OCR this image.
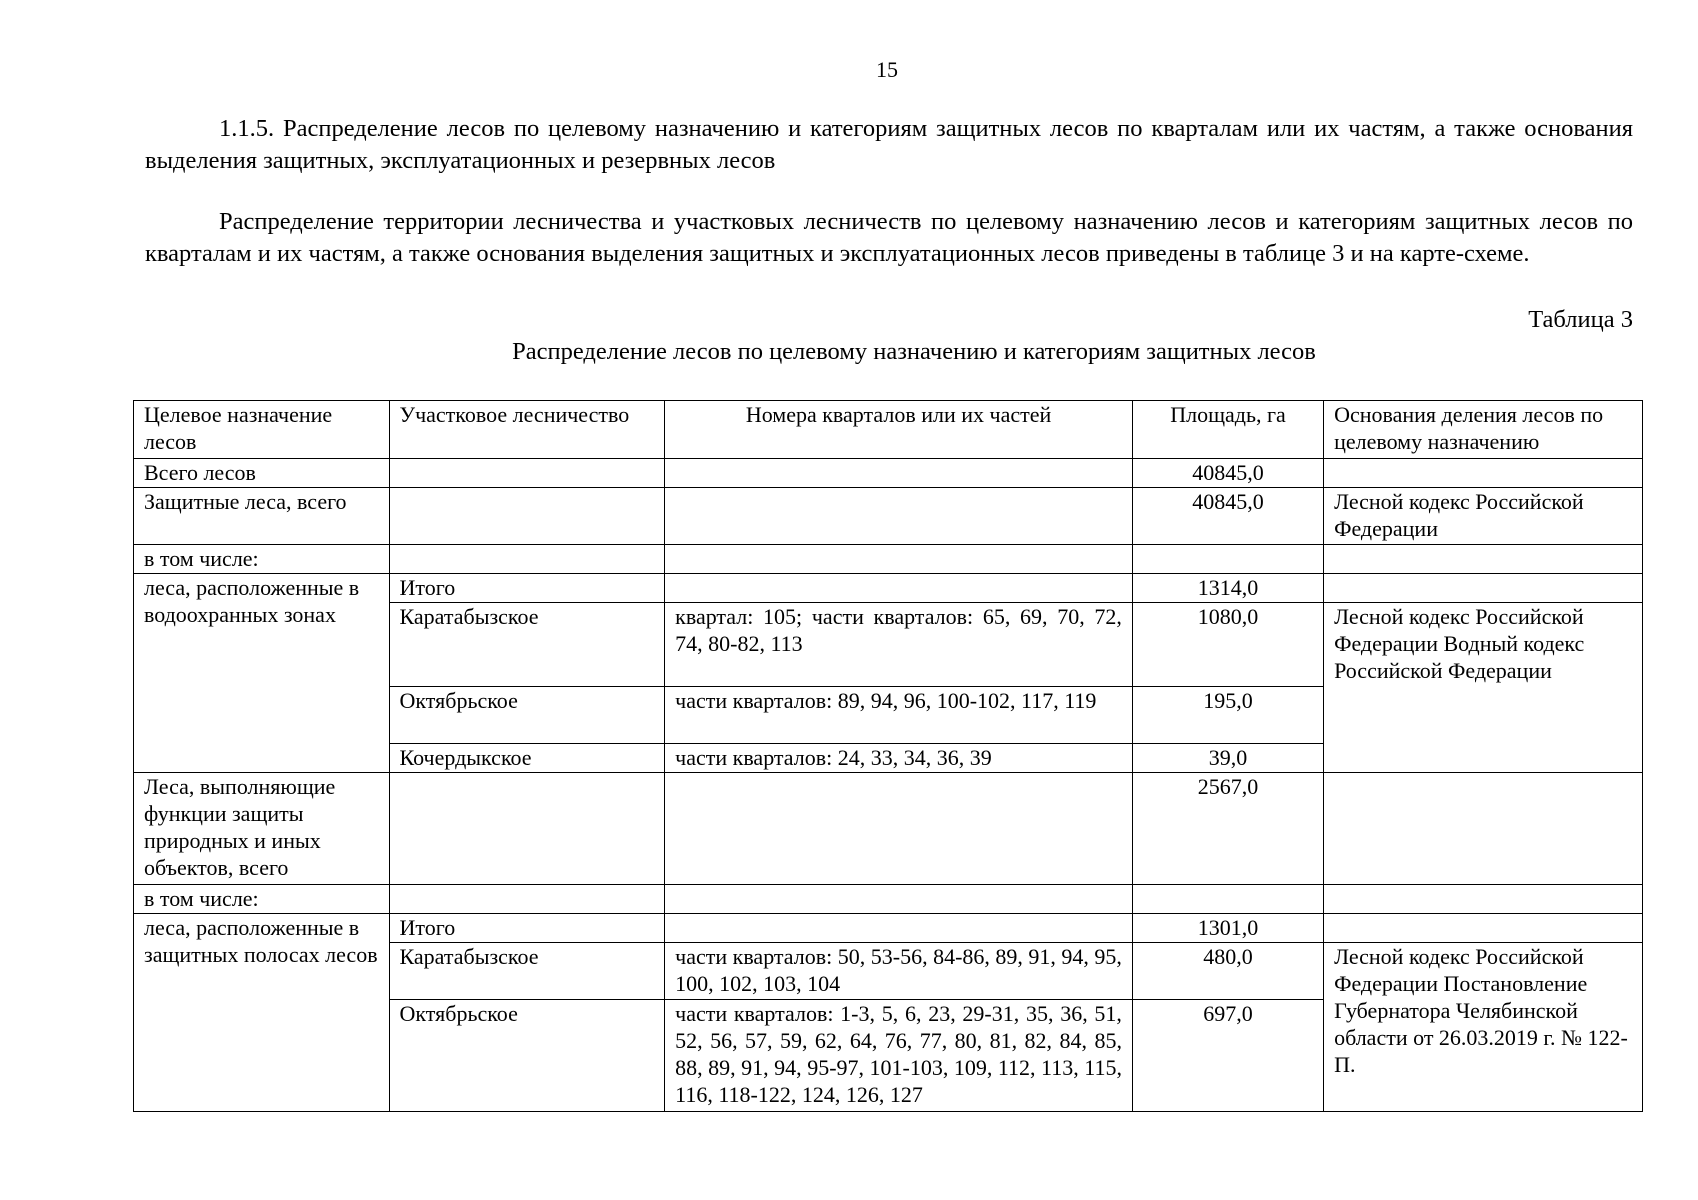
15
1.1.5. Распределение лесов по целевому назначению и категориям защитных лесов по кварталам или их частям, а также основания выделения защитных, эксплуатационных и резервных лесов
Распределение территории лесничества и участковых лесничеств по целевому назначению лесов и категориям защитных лесов по кварталам и их частям, а также основания выделения защитных и эксплуатационных лесов приведены в таблице 3 и на карте-схеме.
Таблица 3
Распределение лесов по целевому назначению и категориям защитных лесов
Целевое назначение лесов	Участковое лесничество	Номера кварталов или их частей	Площадь, га	Основания деления лесов по целевому назначению
Всего лесов			40845,0	
Защитные леса, всего			40845,0	Лесной кодекс Российской Федерации
в том числе:				
леса, расположенные в водоохранных зонах	Итого		1314,0	
	Каратабызское	квартал: 105; части кварталов: 65, 69, 70, 72, 74, 80-82, 113	1080,0	Лесной кодекс Российской Федерации Водный кодекс Российской Федерации
	Октябрьское	части кварталов: 89, 94, 96, 100-102, 117, 119	195,0	
	Кочердыкское	части кварталов: 24, 33, 34, 36, 39	39,0	
Леса, выполняющие функции защиты природных и иных объектов, всего			2567,0	
в том числе:				
леса, расположенные в защитных полосах лесов	Итого		1301,0	
	Каратабызское	части кварталов: 50, 53-56, 84-86, 89, 91, 94, 95, 100, 102, 103, 104	480,0	Лесной кодекс Российской Федерации Постановление Губернатора Челябинской области от 26.03.2019 г. № 122-П.
	Октябрьское	части кварталов: 1-3, 5, 6, 23, 29-31, 35, 36, 51, 52, 56, 57, 59, 62, 64, 76, 77, 80, 81, 82, 84, 85, 88, 89, 91, 94, 95-97, 101-103, 109, 112, 113, 115, 116, 118-122, 124, 126, 127	697,0	
